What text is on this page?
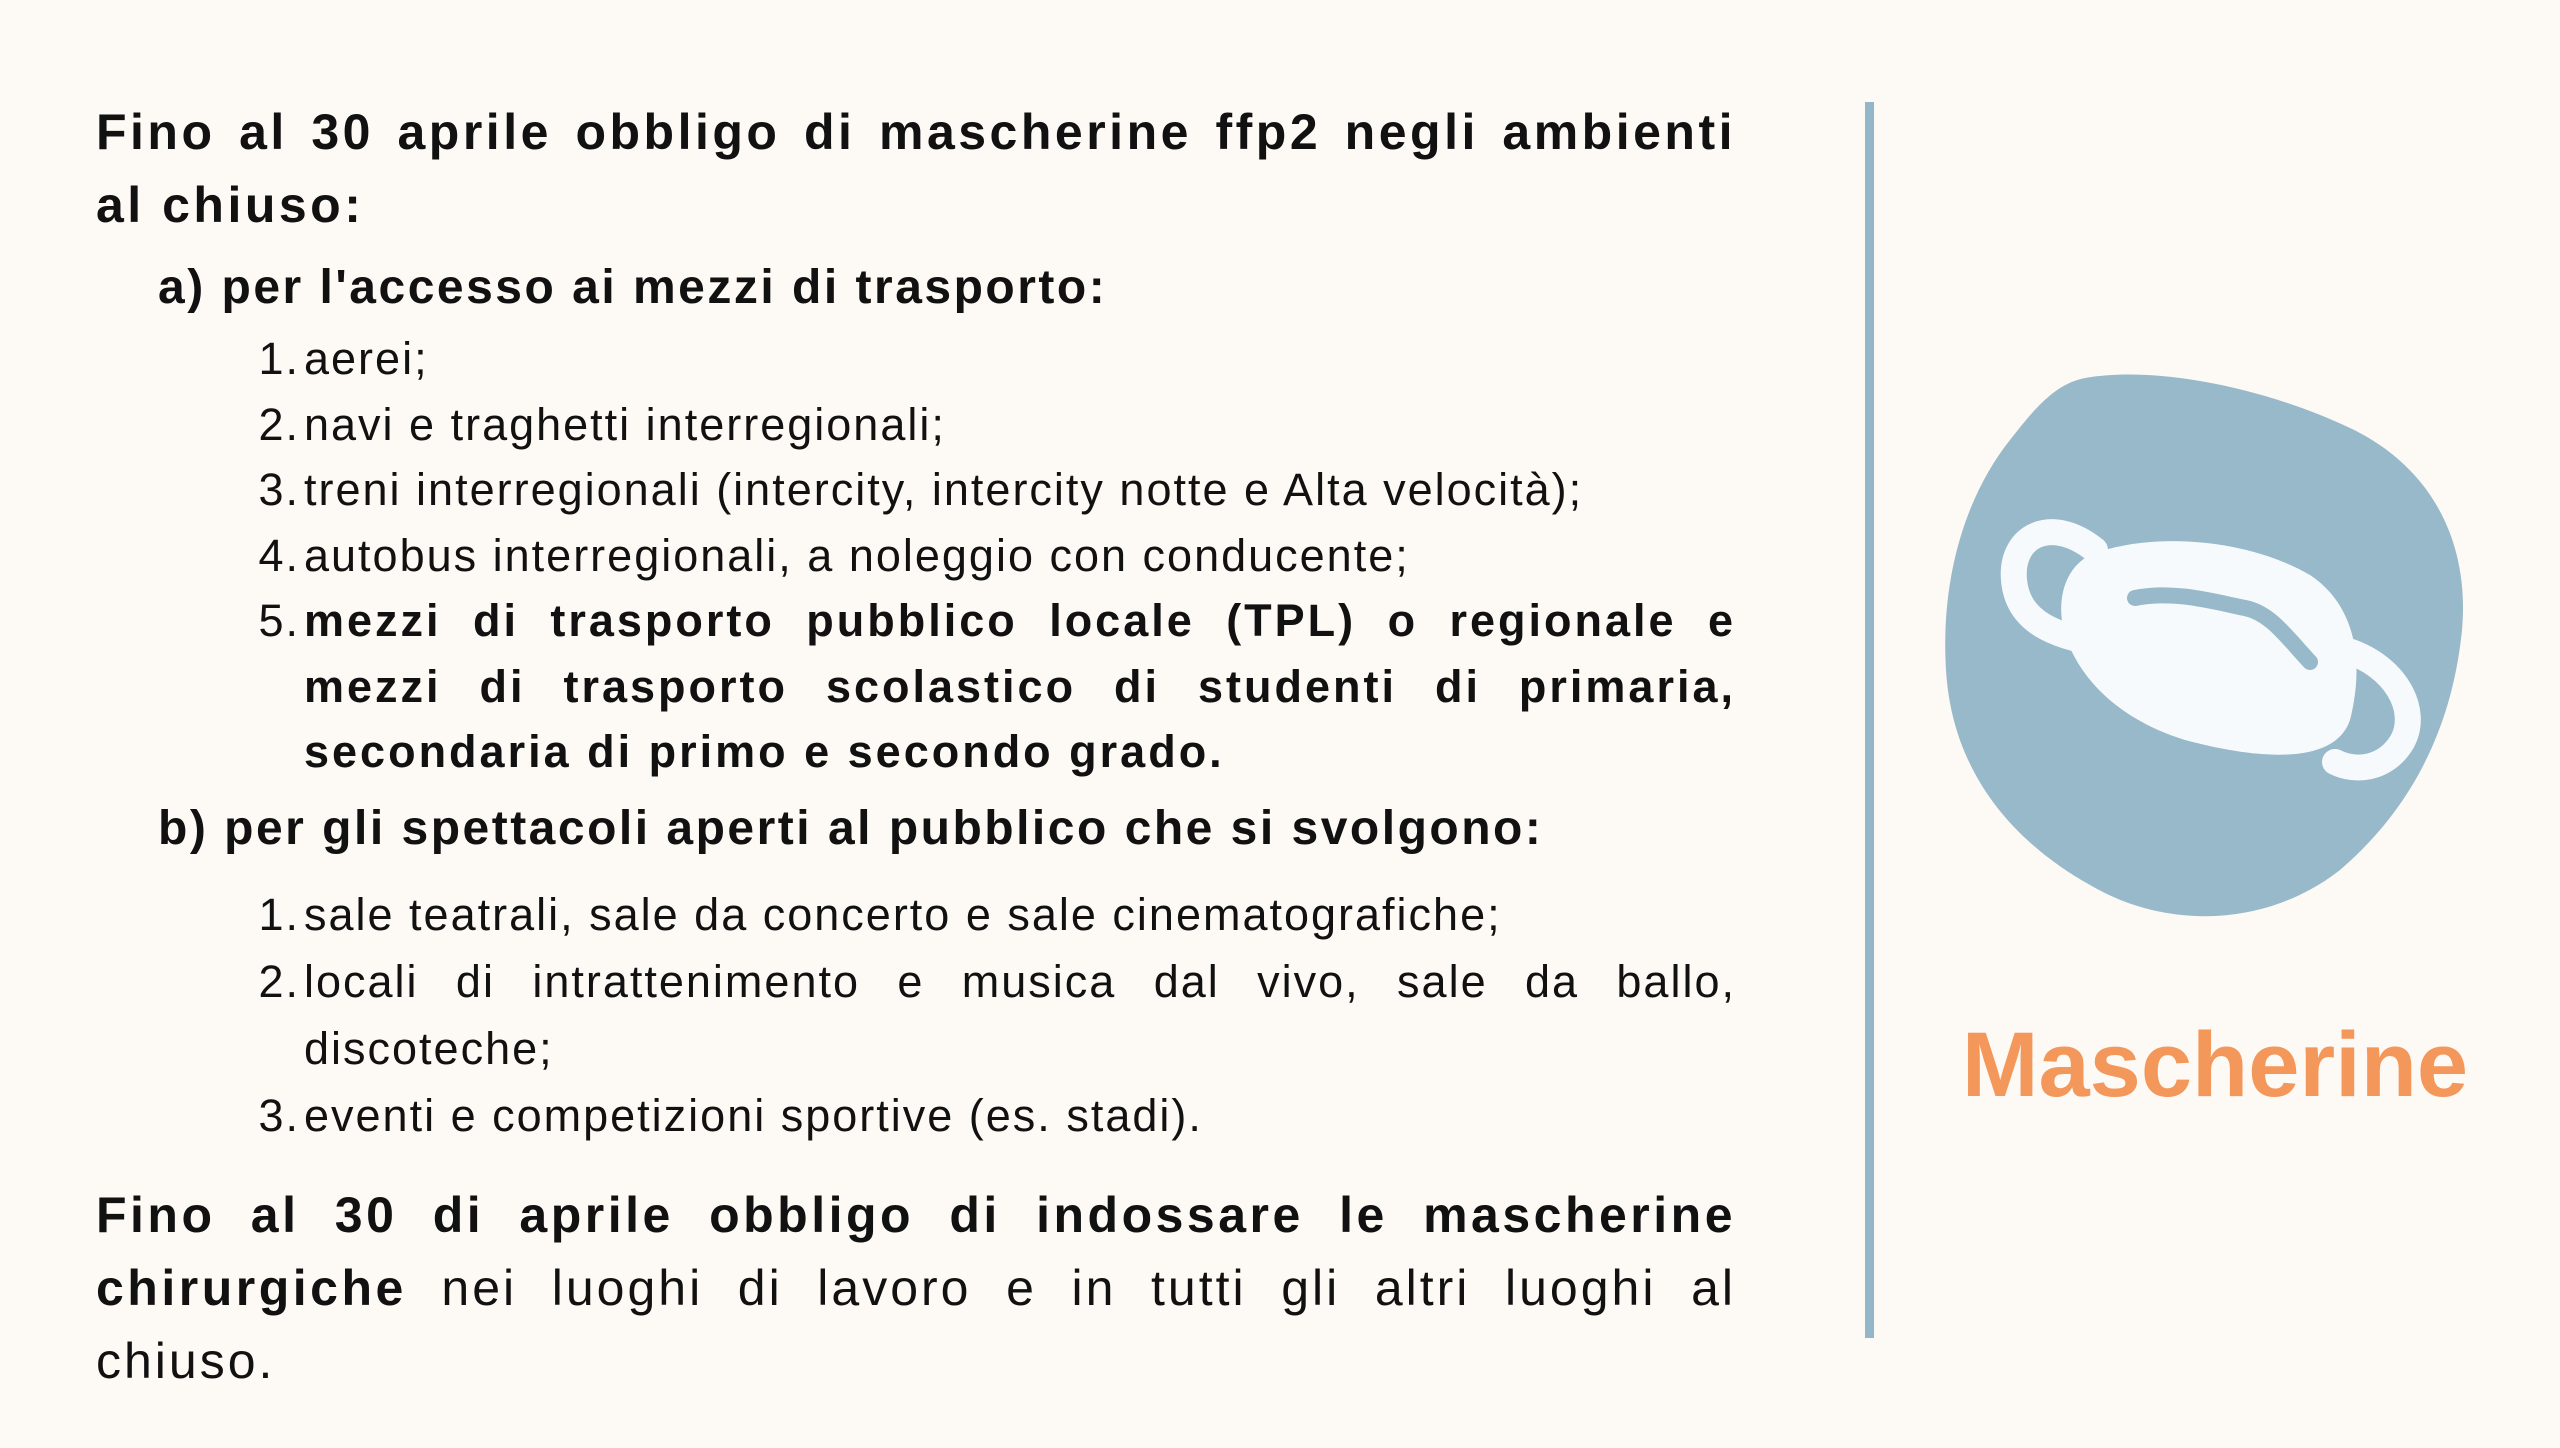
Fino al 30 aprile obbligo di mascherine ffp2 negli ambienti al chiuso:

a) per l'accesso ai mezzi di trasporto:
1. aerei;
2. navi e traghetti interregionali;
3. treni interregionali (intercity, intercity notte e Alta velocità);
4. autobus interregionali, a noleggio con conducente;
5. mezzi di trasporto pubblico locale (TPL) o regionale e mezzi di trasporto scolastico di studenti di primaria, secondaria di primo e secondo grado.
b) per gli spettacoli aperti al pubblico che si svolgono:
1. sale teatrali, sale da concerto e sale cinematografiche;
2. locali di intrattenimento e musica dal vivo, sale da ballo, discoteche;
3. eventi e competizioni sportive (es. stadi).

Fino al 30 di aprile obbligo di indossare le mascherine chirurgiche nei luoghi di lavoro e in tutti gli altri luoghi al chiuso.

Mascherine
